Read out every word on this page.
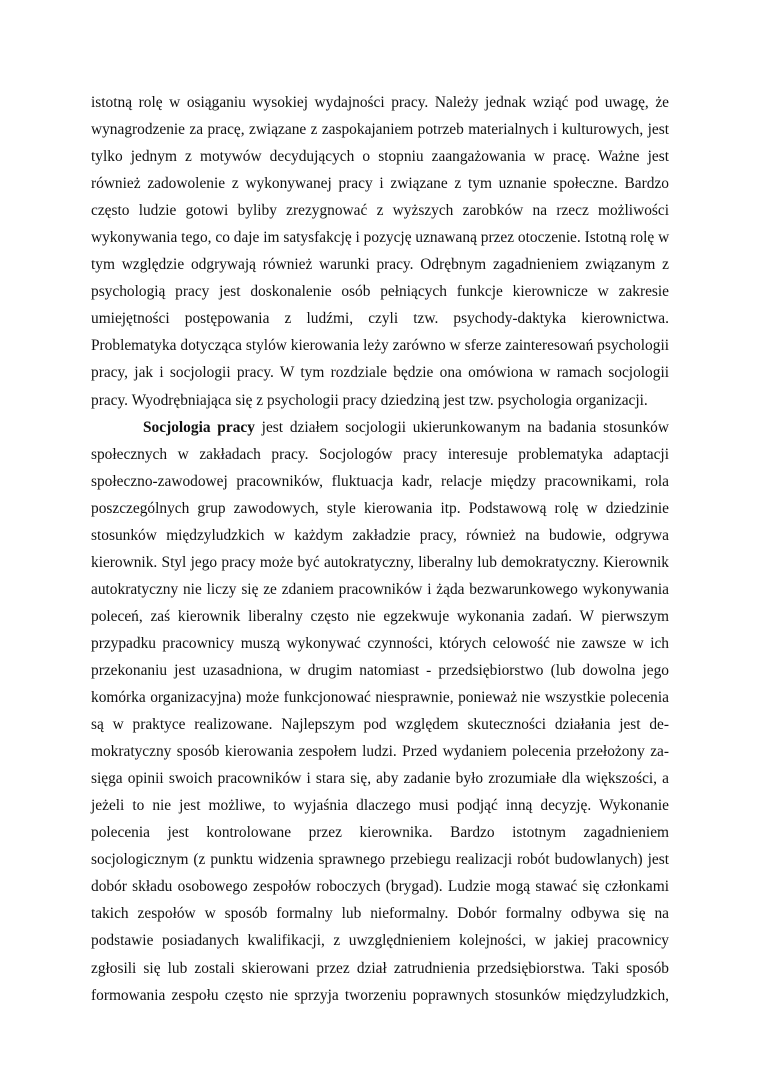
istotną rolę w osiąganiu wysokiej wydajności pracy. Należy jednak wziąć pod uwagę, że
wynagrodzenie za pracę, związane z zaspokajaniem potrzeb materialnych i kulturowych, jest
tylko jednym z motywów decydujących o stopniu zaangażowania w pracę. Ważne jest
również zadowolenie z wykonywanej pracy i związane z tym uznanie społeczne. Bardzo
często ludzie gotowi byliby zrezygnować z wyższych zarobków na rzecz możliwości
wykonywania tego, co daje im satysfakcję i pozycję uznawaną przez otoczenie. Istotną rolę w
tym względzie odgrywają również warunki pracy. Odrębnym zagadnieniem związanym z
psychologią pracy jest doskonalenie osób pełniących funkcje kierownicze w zakresie
umiejętności postępowania z ludźmi, czyli tzw. psychody-daktyka kierownictwa.
Problematyka dotycząca stylów kierowania leży zarówno w sferze zainteresowań psychologii
pracy, jak i socjologii pracy. W tym rozdziale będzie ona omówiona w ramach socjologii
pracy. Wyodrębniająca się z psychologii pracy dziedziną jest tzw. psychologia organizacji.
Socjologia pracy jest działem socjologii ukierunkowanym na badania stosunków
społecznych w zakładach pracy. Socjologów pracy interesuje problematyka adaptacji
społeczno-zawodowej pracowników, fluktuacja kadr, relacje między pracownikami, rola
poszczególnych grup zawodowych, style kierowania itp. Podstawową rolę w dziedzinie
stosunków międzyludzkich w każdym zakładzie pracy, również na budowie, odgrywa
kierownik. Styl jego pracy może być autokratyczny, liberalny lub demokratyczny. Kierownik
autokratyczny nie liczy się ze zdaniem pracowników i żąda bezwarunkowego wykonywania
poleceń, zaś kierownik liberalny często nie egzekwuje wykonania zadań. W pierwszym
przypadku pracownicy muszą wykonywać czynności, których celowość nie zawsze w ich
przekonaniu jest uzasadniona, w drugim natomiast - przedsiębiorstwo (lub dowolna jego
komórka organizacyjna) może funkcjonować niesprawnie, ponieważ nie wszystkie polecenia
są w praktyce realizowane. Najlepszym pod względem skuteczności działania jest de-
mokratyczny sposób kierowania zespołem ludzi. Przed wydaniem polecenia przełożony za-
sięga opinii swoich pracowników i stara się, aby zadanie było zrozumiałe dla większości, a
jeżeli to nie jest możliwe, to wyjaśnia dlaczego musi podjąć inną decyzję. Wykonanie
polecenia jest kontrolowane przez kierownika. Bardzo istotnym zagadnieniem
socjologicznym (z punktu widzenia sprawnego przebiegu realizacji robót budowlanych) jest
dobór składu osobowego zespołów roboczych (brygad). Ludzie mogą stawać się członkami
takich zespołów w sposób formalny lub nieformalny. Dobór formalny odbywa się na
podstawie posiadanych kwalifikacji, z uwzględnieniem kolejności, w jakiej pracownicy
zgłosili się lub zostali skierowani przez dział zatrudnienia przedsiębiorstwa. Taki sposób
formowania zespołu często nie sprzyja tworzeniu poprawnych stosunków międzyludzkich,
